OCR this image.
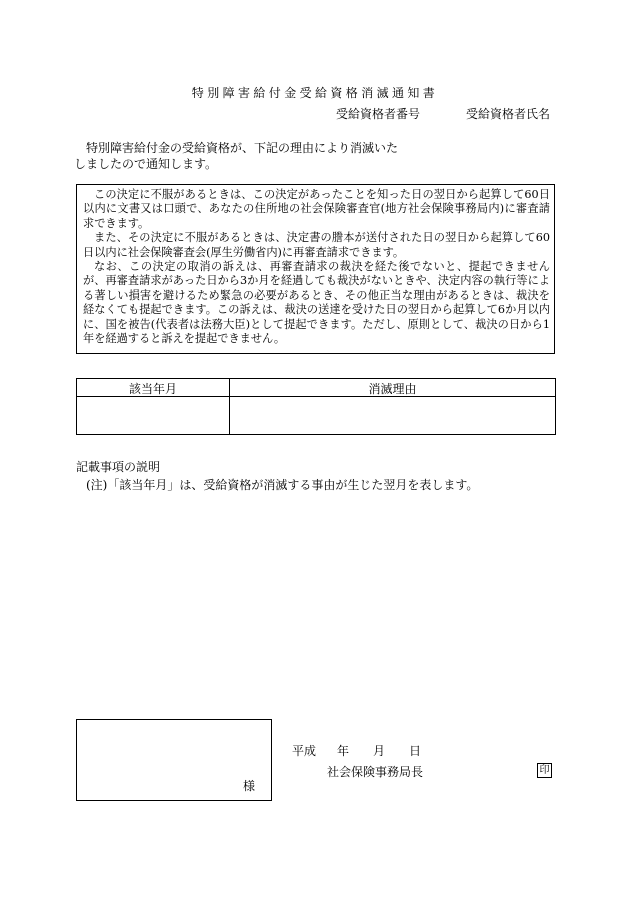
特別障害給付金受給資格消滅通知書
受給資格者番号	受給資格者氏名

特別障害給付金の受給資格が、下記の理由により消滅いた

しましたので通知します。

この決定に不服があるときは、この決定があったことを知った日の翌日から起算して60日以内に文書又は口頭で、あなたの住所地の社会保険審査官(地方社会保険事務局内)に審査請求できます。

また、その決定に不服があるときは、決定書の謄本が送付された日の翌日から起算して60日以内に社会保険審査会(厚生労働省内)に再審査請求できます。

なお、この決定の取消の訴えは、再審査請求の裁決を経た後でないと、提起できませんが、再審査請求があった日から3か月を経過しても裁決がないときや、決定内容の執行等による著しい損害を避けるため緊急の必要があるとき、その他正当な理由があるときは、裁決を経なくても提起できます。この訴えは、裁決の送達を受けた日の翌日から起算して6か月以内に、国を被告(代表者は法務大臣)として提起できます。ただし、原則として、裁決の日から1年を経過すると訴えを提起できません。

該当年月	消滅理由
記載事項の説明
(注)「該当年月」は、受給資格が消滅する事由が生じた翌月を表します。
様
平成 年 月 日
社会保険事務局長	印
